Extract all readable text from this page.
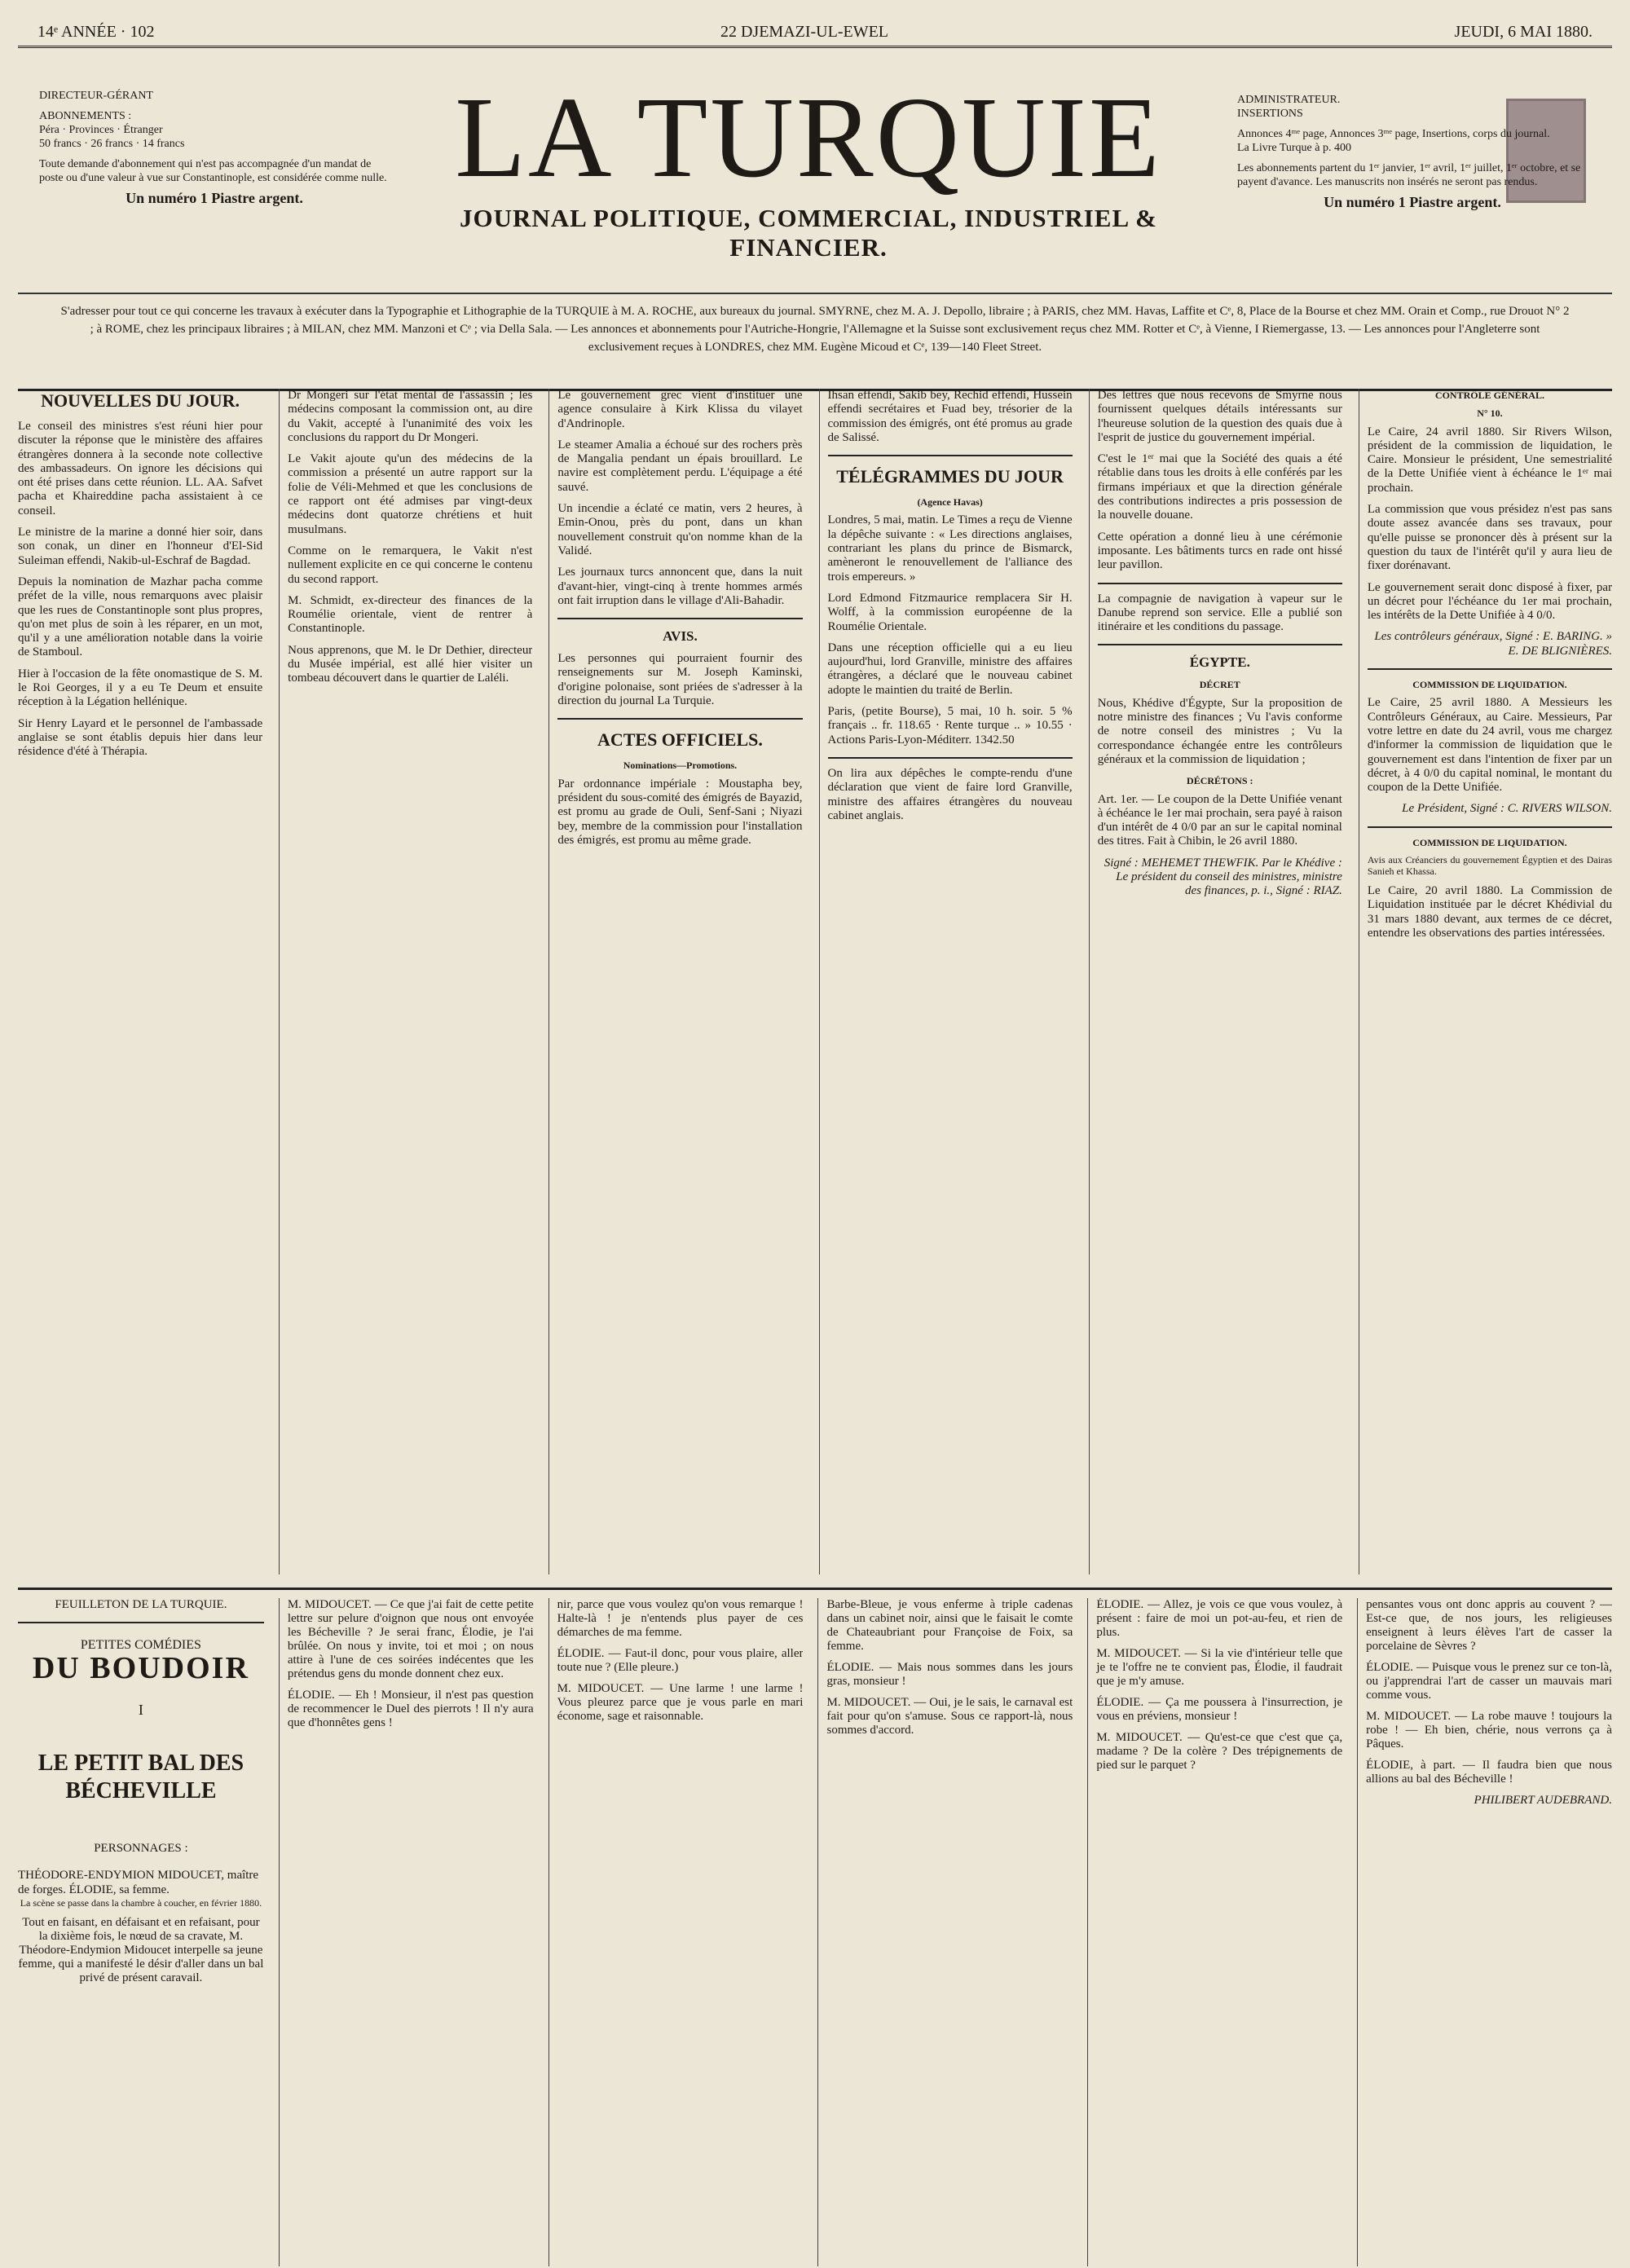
14ᵉ ANNÉE · 102	22 DJEMAZI-UL-EWEL	JEUDI, 6 MAI 1880.
DIRECTEUR-GÉRANT
ABONNEMENTS :
Péra · Provinces · Étranger
50 francs · 26 francs · 14 francs
Toute demande d'abonnement qui n'est pas accompagnée d'un mandat de poste ou d'une valeur à vue sur Constantinople, est considérée comme nulle.
Un numéro 1 Piastre argent.	LA TURQUIE
JOURNAL POLITIQUE, COMMERCIAL, INDUSTRIEL & FINANCIER.
ADMINISTRATEUR.
INSERTIONS
Annonces 4ᵐᵉ page, Annonces 3ᵐᵉ page, Insertions, corps du journal.
La Livre Turque à p. 400
Les abonnements partent du 1ᵉʳ janvier, 1ᵉʳ avril, 1ᵉʳ juillet, 1ᵉʳ octobre, et se payent d'avance. Les manuscrits non insérés ne seront pas rendus.
Un numéro 1 Piastre argent.
S'adresser pour tout ce qui concerne les travaux à exécuter dans la Typographie et Lithographie de la TURQUIE à M. A. ROCHE, aux bureaux du journal. SMYRNE, chez M. A. J. Depollo, libraire ; à PARIS, chez MM. Havas, Laffite et Cᵉ, 8, Place de la Bourse et chez MM. Orain et Comp., rue Drouot N° 2 ; à ROME, chez les principaux libraires ; à MILAN, chez MM. Manzoni et Cᵉ ; via Della Sala. — Les annonces et abonnements pour l'Autriche-Hongrie, l'Allemagne et la Suisse sont exclusivement reçus chez MM. Rotter et Cᵉ, à Vienne, I Riemergasse, 13. — Les annonces pour l'Angleterre sont exclusivement reçues à LONDRES, chez MM. Eugène Micoud et Cᵉ, 139—140 Fleet Street.
NOUVELLES DU JOUR.

Le conseil des ministres s'est réuni hier pour discuter la réponse que le ministère des affaires étrangères donnera à la seconde note collective des ambassadeurs. On ignore les décisions qui ont été prises dans cette réunion. LL. AA. Safvet pacha et Khaireddine pacha assistaient à ce conseil.

Le ministre de la marine a donné hier soir, dans son conak, un diner en l'honneur d'El-Sid Suleiman effendi, Nakib-ul-Eschraf de Bagdad.

Depuis la nomination de Mazhar pacha comme préfet de la ville, nous remarquons avec plaisir que les rues de Constantinople sont plus propres, qu'on met plus de soin à les réparer, en un mot, qu'il y a une amélioration notable dans la voirie de Stamboul.

Hier à l'occasion de la fête onomastique de S. M. le Roi Georges, il y a eu Te Deum et ensuite réception à la Légation hellénique.

Sir Henry Layard et le personnel de l'ambassade anglaise se sont établis depuis hier dans leur résidence d'été à Thérapia.

Dr Mongeri sur l'état mental de l'assassin ; les médecins composant la commission ont, au dire du Vakit, accepté à l'unanimité des voix les conclusions du rapport du Dr Mongeri.

Le Vakit ajoute qu'un des médecins de la commission a présenté un autre rapport sur la folie de Véli-Mehmed et que les conclusions de ce rapport ont été admises par vingt-deux médecins dont quatorze chrétiens et huit musulmans.

Comme on le remarquera, le Vakit n'est nullement explicite en ce qui concerne le contenu du second rapport.

M. Schmidt, ex-directeur des finances de la Roumélie orientale, vient de rentrer à Constantinople.

Nous apprenons, que M. le Dr Dethier, directeur du Musée impérial, est allé hier visiter un tombeau découvert dans le quartier de Laléli.

Le gouvernement grec vient d'instituer une agence consulaire à Kirk Klissa du vilayet d'Andrinople.

Le steamer Amalia a échoué sur des rochers près de Mangalia pendant un épais brouillard. Le navire est complètement perdu. L'équipage a été sauvé.

Un incendie a éclaté ce matin, vers 2 heures, à Emin-Onou, près du pont, dans un khan nouvellement construit qu'on nomme khan de la Validé.

Les journaux turcs annoncent que, dans la nuit d'avant-hier, vingt-cinq à trente hommes armés ont fait irruption dans le village d'Ali-Bahadir.

AVIS.

Les personnes qui pourraient fournir des renseignements sur M. Joseph Kaminski, d'origine polonaise, sont priées de s'adresser à la direction du journal La Turquie.

ACTES OFFICIELS.
Nominations—Promotions.

Par ordonnance impériale : Moustapha bey, président du sous-comité des émigrés de Bayazid, est promu au grade de Ouli, Senf-Sani ; Niyazi bey, membre de la commission pour l'installation des émigrés, est promu au même grade.

Ihsan effendi, Sakib bey, Rechid effendi, Hussein effendi secrétaires et Fuad bey, trésorier de la commission des émigrés, ont été promus au grade de Salissé.

TÉLÉGRAMMES DU JOUR
(Agence Havas)

Londres, 5 mai, matin. Le Times a reçu de Vienne la dépêche suivante : « Les directions anglaises, contrariant les plans du prince de Bismarck, amèneront le renouvellement de l'alliance des trois empereurs. »

Lord Edmond Fitzmaurice remplacera Sir H. Wolff, à la commission européenne de la Roumélie Orientale.

Dans une réception officielle qui a eu lieu aujourd'hui, lord Granville, ministre des affaires étrangères, a déclaré que le nouveau cabinet adopte le maintien du traité de Berlin.

Paris, (petite Bourse), 5 mai, 10 h. soir. 5 % français .. fr. 118.65 · Rente turque .. » 10.55 · Actions Paris-Lyon-Méditerr. 1342.50

On lira aux dépêches le compte-rendu d'une déclaration que vient de faire lord Granville, ministre des affaires étrangères du nouveau cabinet anglais.

Des lettres que nous recevons de Smyrne nous fournissent quelques détails intéressants sur l'heureuse solution de la question des quais due à l'esprit de justice du gouvernement impérial.

C'est le 1ᵉʳ mai que la Société des quais a été rétablie dans tous les droits à elle conférés par les firmans impériaux et que la direction générale des contributions indirectes a pris possession de la nouvelle douane.

Cette opération a donné lieu à une cérémonie imposante. Les bâtiments turcs en rade ont hissé leur pavillon.

La compagnie de navigation à vapeur sur le Danube reprend son service. Elle a publié son itinéraire et les conditions du passage.

ÉGYPTE.
DÉCRET

Nous, Khédive d'Égypte, Sur la proposition de notre ministre des finances ; Vu l'avis conforme de notre conseil des ministres ; Vu la correspondance échangée entre les contrôleurs généraux et la commission de liquidation ;

DÉCRÉTONS :

Art. 1er. — Le coupon de la Dette Unifiée venant à échéance le 1er mai prochain, sera payé à raison d'un intérêt de 4 0/0 par an sur le capital nominal des titres. Fait à Chibin, le 26 avril 1880.

Signé : MEHEMET THEWFIK. Par le Khédive : Le président du conseil des ministres, ministre des finances, p. i., Signé : RIAZ.

CONTRÔLE GÉNÉRAL.
N° 10.

Le Caire, 24 avril 1880. Sir Rivers Wilson, président de la commission de liquidation, le Caire. Monsieur le président, Une semestrialité de la Dette Unifiée vient à échéance le 1ᵉʳ mai prochain.

La commission que vous présidez n'est pas sans doute assez avancée dans ses travaux, pour qu'elle puisse se prononcer dès à présent sur la question du taux de l'intérêt qu'il y aura lieu de fixer dorénavant.

Le gouvernement serait donc disposé à fixer, par un décret pour l'échéance du 1er mai prochain, les intérêts de la Dette Unifiée à 4 0/0.

Les contrôleurs généraux, Signé : E. BARING. » E. DE BLIGNIÈRES.

COMMISSION DE LIQUIDATION.

Le Caire, 25 avril 1880. A Messieurs les Contrôleurs Généraux, au Caire. Messieurs, Par votre lettre en date du 24 avril, vous me chargez d'informer la commission de liquidation que le gouvernement est dans l'intention de fixer par un décret, à 4 0/0 du capital nominal, le montant du coupon de la Dette Unifiée.

Le Président, Signé : C. RIVERS WILSON.

COMMISSION DE LIQUIDATION.

Avis aux Créanciers du gouvernement Égyptien et des Dairas Sanieh et Khassa.

Le Caire, 20 avril 1880. La Commission de Liquidation instituée par le décret Khédivial du 31 mars 1880 devant, aux termes de ce décret, entendre les observations des parties intéressées.

FEUILLETON DE LA TURQUIE.
PETITES COMÉDIES
DU BOUDOIR
I
LE PETIT BAL DES BÉCHEVILLE
PERSONNAGES :
THÉODORE-ENDYMION MIDOUCET, maître de forges. ÉLODIE, sa femme.

La scène se passe dans la chambre à coucher, en février 1880.

Tout en faisant, en défaisant et en refaisant, pour la dixième fois, le nœud de sa cravate, M. Théodore-Endymion Midoucet interpelle sa jeune femme, qui a manifesté le désir d'aller dans un bal privé de présent caravail.

M. MIDOUCET. — Ce que j'ai fait de cette petite lettre sur pelure d'oignon que nous ont envoyée les Bécheville ? Je serai franc, Élodie, je l'ai brûlée. On nous y invite, toi et moi ; on nous attire à l'une de ces soirées indécentes que les prétendus gens du monde donnent chez eux.

ÉLODIE. — Eh ! Monsieur, il n'est pas question de recommencer le Duel des pierrots ! Il n'y aura que d'honnêtes gens !

nir, parce que vous voulez qu'on vous remarque ! Halte-là ! je n'entends plus payer de ces démarches de ma femme.

ÉLODIE. — Faut-il donc, pour vous plaire, aller toute nue ? (Elle pleure.)

M. MIDOUCET. — Une larme ! une larme ! Vous pleurez parce que je vous parle en mari économe, sage et raisonnable.

Barbe-Bleue, je vous enferme à triple cadenas dans un cabinet noir, ainsi que le faisait le comte de Chateaubriant pour Françoise de Foix, sa femme.

ÉLODIE. — Mais nous sommes dans les jours gras, monsieur !

M. MIDOUCET. — Oui, je le sais, le carnaval est fait pour qu'on s'amuse. Sous ce rapport-là, nous sommes d'accord.

ÉLODIE. — Allez, je vois ce que vous voulez, à présent : faire de moi un pot-au-feu, et rien de plus.

M. MIDOUCET. — Si la vie d'intérieur telle que je te l'offre ne te convient pas, Élodie, il faudrait que je m'y amuse.

ÉLODIE. — Ça me poussera à l'insurrection, je vous en préviens, monsieur !

M. MIDOUCET. — Qu'est-ce que c'est que ça, madame ? De la colère ? Des trépignements de pied sur le parquet ?

pensantes vous ont donc appris au couvent ? — Est-ce que, de nos jours, les religieuses enseignent à leurs élèves l'art de casser la porcelaine de Sèvres ?

ÉLODIE. — Puisque vous le prenez sur ce ton-là, ou j'apprendrai l'art de casser un mauvais mari comme vous.

M. MIDOUCET. — La robe mauve ! toujours la robe ! — Eh bien, chérie, nous verrons ça à Pâques.

ÉLODIE, à part. — Il faudra bien que nous allions au bal des Bécheville !

PHILIBERT AUDEBRAND.
